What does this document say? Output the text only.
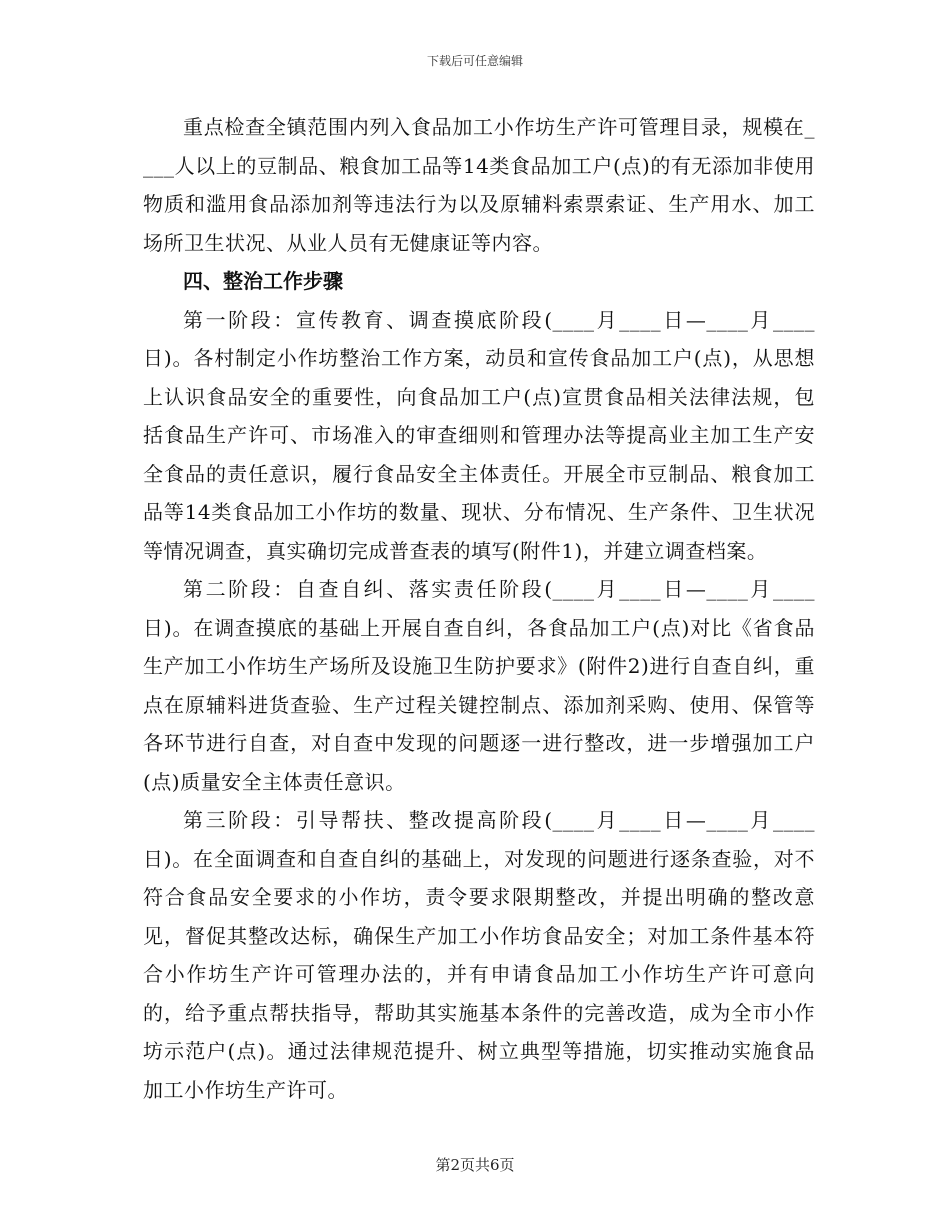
下载后可任意编辑

重点检查全镇范围内列入食品加工小作坊生产许可管理目录，规模在____人以上的豆制品、粮食加工品等14类食品加工户(点)的有无添加非使用物质和滥用食品添加剂等违法行为以及原辅料索票索证、生产用水、加工场所卫生状况、从业人员有无健康证等内容。

四、整治工作步骤

第一阶段：宣传教育、调查摸底阶段(____月____日—____月____日)。各村制定小作坊整治工作方案，动员和宣传食品加工户(点)，从思想上认识食品安全的重要性，向食品加工户(点)宣贯食品相关法律法规，包括食品生产许可、市场准入的审查细则和管理办法等提高业主加工生产安全食品的责任意识，履行食品安全主体责任。开展全市豆制品、粮食加工品等14类食品加工小作坊的数量、现状、分布情况、生产条件、卫生状况等情况调查，真实确切完成普查表的填写(附件1)，并建立调查档案。

第二阶段：自查自纠、落实责任阶段(____月____日—____月____日)。在调查摸底的基础上开展自查自纠，各食品加工户(点)对比《省食品生产加工小作坊生产场所及设施卫生防护要求》(附件2)进行自查自纠，重点在原辅料进货查验、生产过程关键控制点、添加剂采购、使用、保管等各环节进行自查，对自查中发现的问题逐一进行整改，进一步增强加工户(点)质量安全主体责任意识。

第三阶段：引导帮扶、整改提高阶段(____月____日—____月____日)。在全面调查和自查自纠的基础上，对发现的问题进行逐条查验，对不符合食品安全要求的小作坊，责令要求限期整改，并提出明确的整改意见，督促其整改达标，确保生产加工小作坊食品安全；对加工条件基本符合小作坊生产许可管理办法的，并有申请食品加工小作坊生产许可意向的，给予重点帮扶指导，帮助其实施基本条件的完善改造，成为全市小作坊示范户(点)。通过法律规范提升、树立典型等措施，切实推动实施食品加工小作坊生产许可。

第2页共6页
